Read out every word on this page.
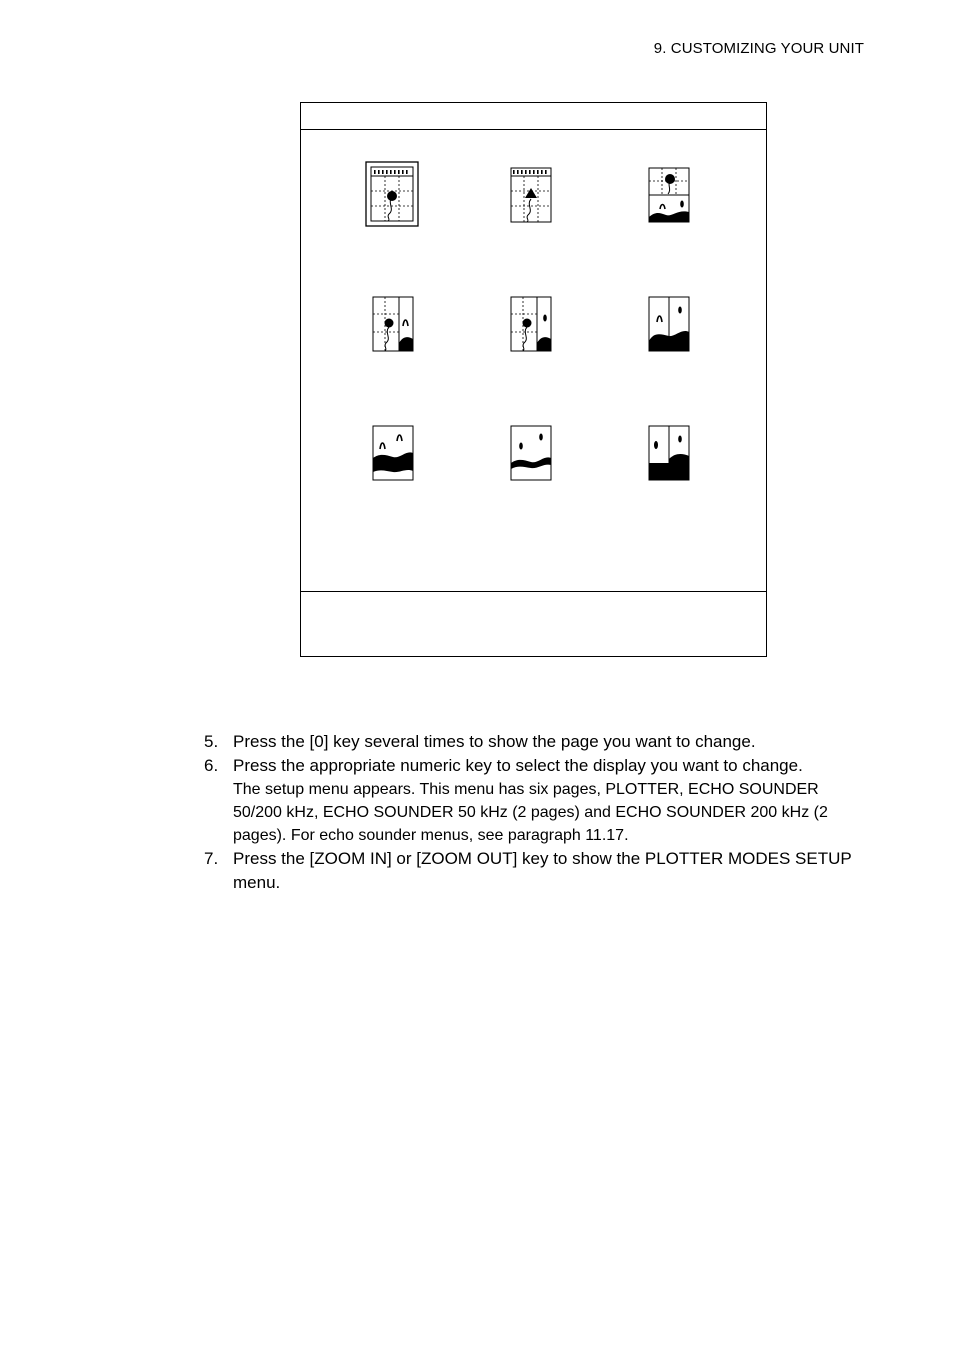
9. CUSTOMIZING YOUR UNIT
5. Press the [0] key several times to show the page you want to change.
6. Press the appropriate numeric key to select the display you want to change.
The setup menu appears. This menu has six pages, PLOTTER, ECHO SOUNDER 50/200 kHz, ECHO SOUNDER 50 kHz (2 pages) and ECHO SOUNDER 200 kHz (2 pages). For echo sounder menus, see paragraph 11.17.
7. Press the [ZOOM IN] or [ZOOM OUT] key to show the PLOTTER MODES SETUP menu.
